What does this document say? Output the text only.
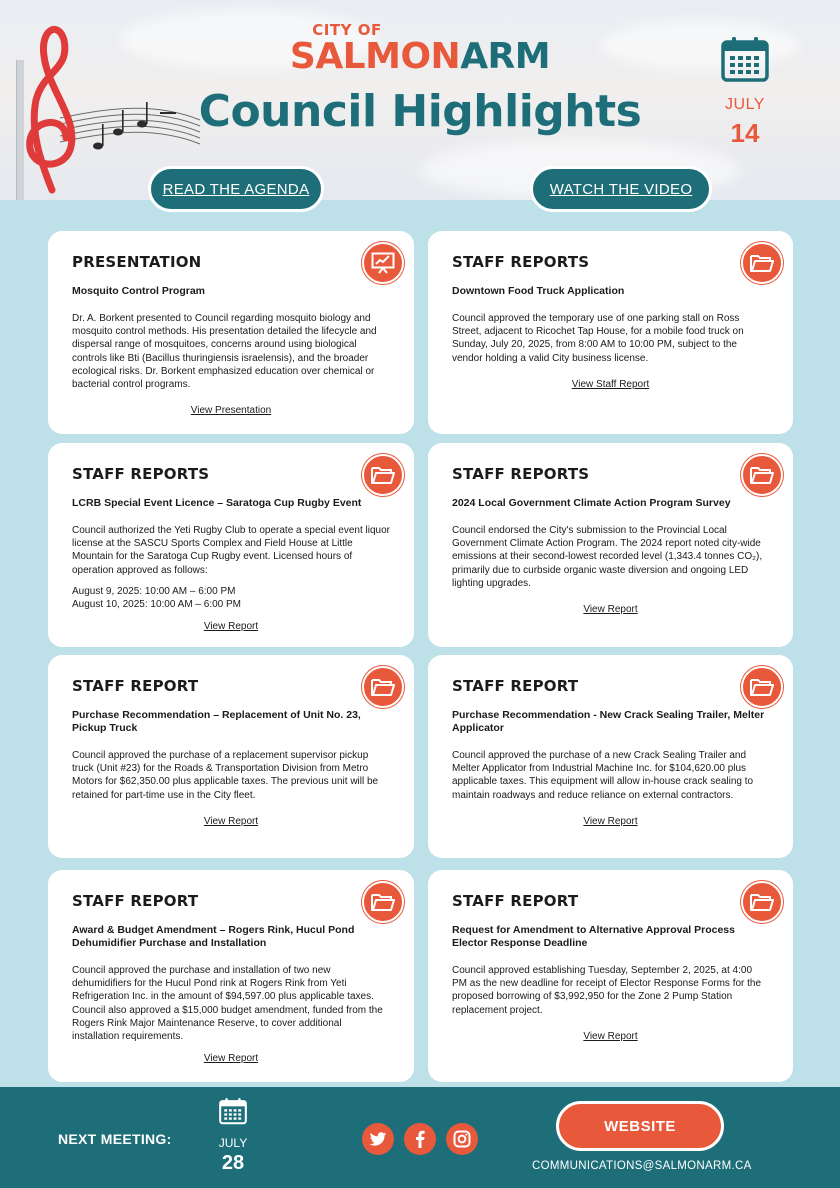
CITY OF
SALMONARM
Council Highlights	JULY
14
READ THE AGENDA	WATCH THE VIDEO
PRESENTATION
Mosquito Control Program

Dr. A. Borkent presented to Council regarding mosquito biology and mosquito control methods. His presentation detailed the lifecycle and dispersal range of mosquitoes, concerns around using biological controls like Bti (Bacillus thuringiensis israelensis), and the broader ecological risks. Dr. Borkent emphasized education over chemical or bacterial control programs.

View Presentation
STAFF REPORTS
Downtown Food Truck Application

Council approved the temporary use of one parking stall on Ross Street, adjacent to Ricochet Tap House, for a mobile food truck on Sunday, July 20, 2025, from 8:00 AM to 10:00 PM, subject to the vendor holding a valid City business license.

View Staff Report
STAFF REPORTS
LCRB Special Event Licence – Saratoga Cup Rugby Event

Council authorized the Yeti Rugby Club to operate a special event liquor license at the SASCU Sports Complex and Field House at Little Mountain for the Saratoga Cup Rugby event. Licensed hours of operation approved as follows:

August 9, 2025: 10:00 AM – 6:00 PM
August 10, 2025: 10:00 AM – 6:00 PM

View Report
STAFF REPORTS
2024 Local Government Climate Action Program Survey

Council endorsed the City's submission to the Provincial Local Government Climate Action Program. The 2024 report noted city-wide emissions at their second-lowest recorded level (1,343.4 tonnes CO₂), primarily due to curbside organic waste diversion and ongoing LED lighting upgrades.

View Report
STAFF REPORT
Purchase Recommendation – Replacement of Unit No. 23, Pickup Truck

Council approved the purchase of a replacement supervisor pickup truck (Unit #23) for the Roads & Transportation Division from Metro Motors for $62,350.00 plus applicable taxes. The previous unit will be retained for part-time use in the City fleet.

View Report
STAFF REPORT
Purchase Recommendation - New Crack Sealing Trailer, Melter Applicator

Council approved the purchase of a new Crack Sealing Trailer and Melter Applicator from Industrial Machine Inc. for $104,620.00 plus applicable taxes. This equipment will allow in-house crack sealing to maintain roadways and reduce reliance on external contractors.

View Report
STAFF REPORT
Award & Budget Amendment – Rogers Rink, Hucul Pond Dehumidifier Purchase and Installation

Council approved the purchase and installation of two new dehumidifiers for the Hucul Pond rink at Rogers Rink from Yeti Refrigeration Inc. in the amount of $94,597.00 plus applicable taxes. Council also approved a $15,000 budget amendment, funded from the Rogers Rink Major Maintenance Reserve, to cover additional installation requirements.

View Report
STAFF REPORT
Request for Amendment to Alternative Approval Process Elector Response Deadline

Council approved establishing Tuesday, September 2, 2025, at 4:00 PM as the new deadline for receipt of Elector Response Forms for the proposed borrowing of $3,992,950 for the Zone 2 Pump Station replacement project.

View Report
NEXT MEETING:	JULY
28
WEBSITE
COMMUNICATIONS@SALMONARM.CA
